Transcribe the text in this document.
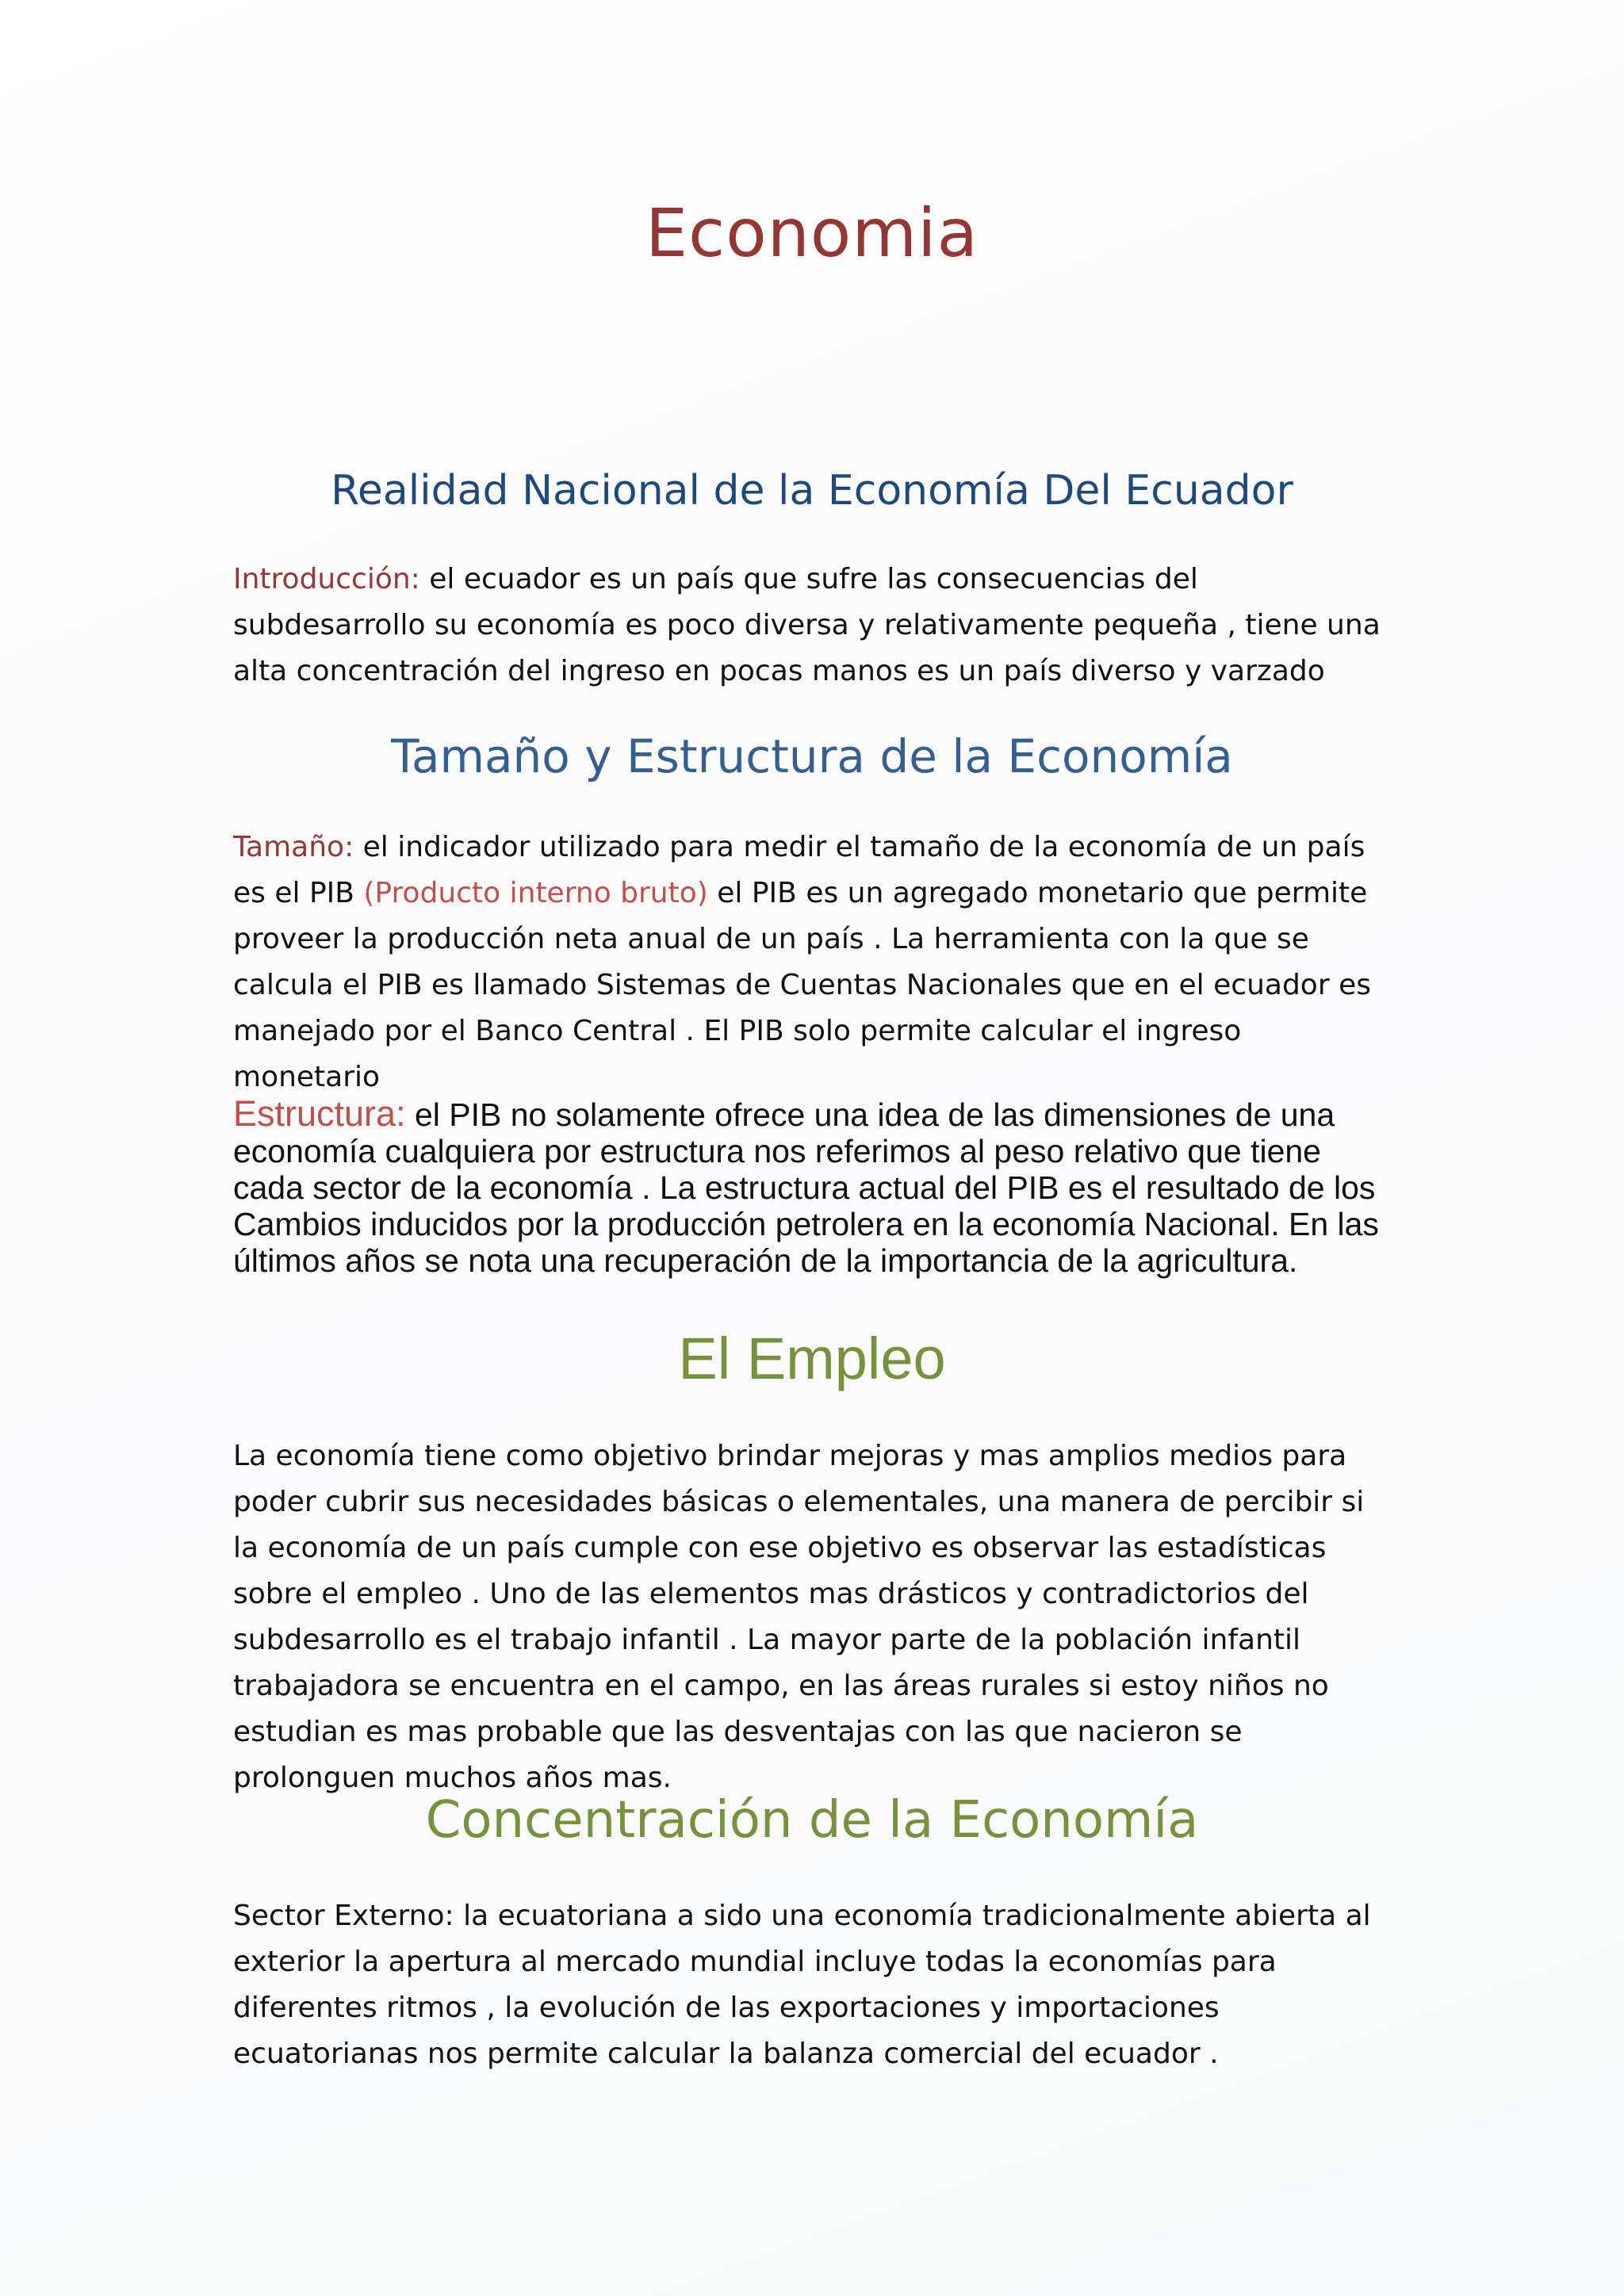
Economia
Realidad Nacional de la Economía Del Ecuador

Introducción: el ecuador es un país que sufre las consecuencias del subdesarrollo su economía es poco diversa y relativamente pequeña , tiene una alta concentración del ingreso en pocas manos es un país diverso y varzado

Tamaño y Estructura de la Economía

Tamaño: el indicador utilizado para medir el tamaño de la economía de un país es el PIB (Producto interno bruto) el PIB es un agregado monetario que permite proveer la producción neta anual de un país . La herramienta con la que se calcula el PIB es llamado Sistemas de Cuentas Nacionales que en el ecuador es manejado por el Banco Central . El PIB solo permite calcular el ingreso monetario

Estructura: el PIB no solamente ofrece una idea de las dimensiones de una economía cualquiera por estructura nos referimos al peso relativo que tiene cada sector de la economía . La estructura actual del PIB es el resultado de los Cambios inducidos por la producción petrolera en la economía Nacional. En las últimos años se nota una recuperación de la importancia de la agricultura.

El Empleo

La economía tiene como objetivo brindar mejoras y mas amplios medios para poder cubrir sus necesidades básicas o elementales, una manera de percibir si la economía de un país cumple con ese objetivo es observar las estadísticas sobre el empleo . Uno de las elementos mas drásticos y contradictorios del subdesarrollo es el trabajo infantil . La mayor parte de la población infantil trabajadora se encuentra en el campo, en las áreas rurales si estoy niños no estudian es mas probable que las desventajas con las que nacieron se prolonguen muchos años mas.

Concentración de la Economía

Sector Externo: la ecuatoriana a sido una economía tradicionalmente abierta al exterior la apertura al mercado mundial incluye todas la economías para diferentes ritmos , la evolución de las exportaciones y importaciones ecuatorianas nos permite calcular la balanza comercial del ecuador .
